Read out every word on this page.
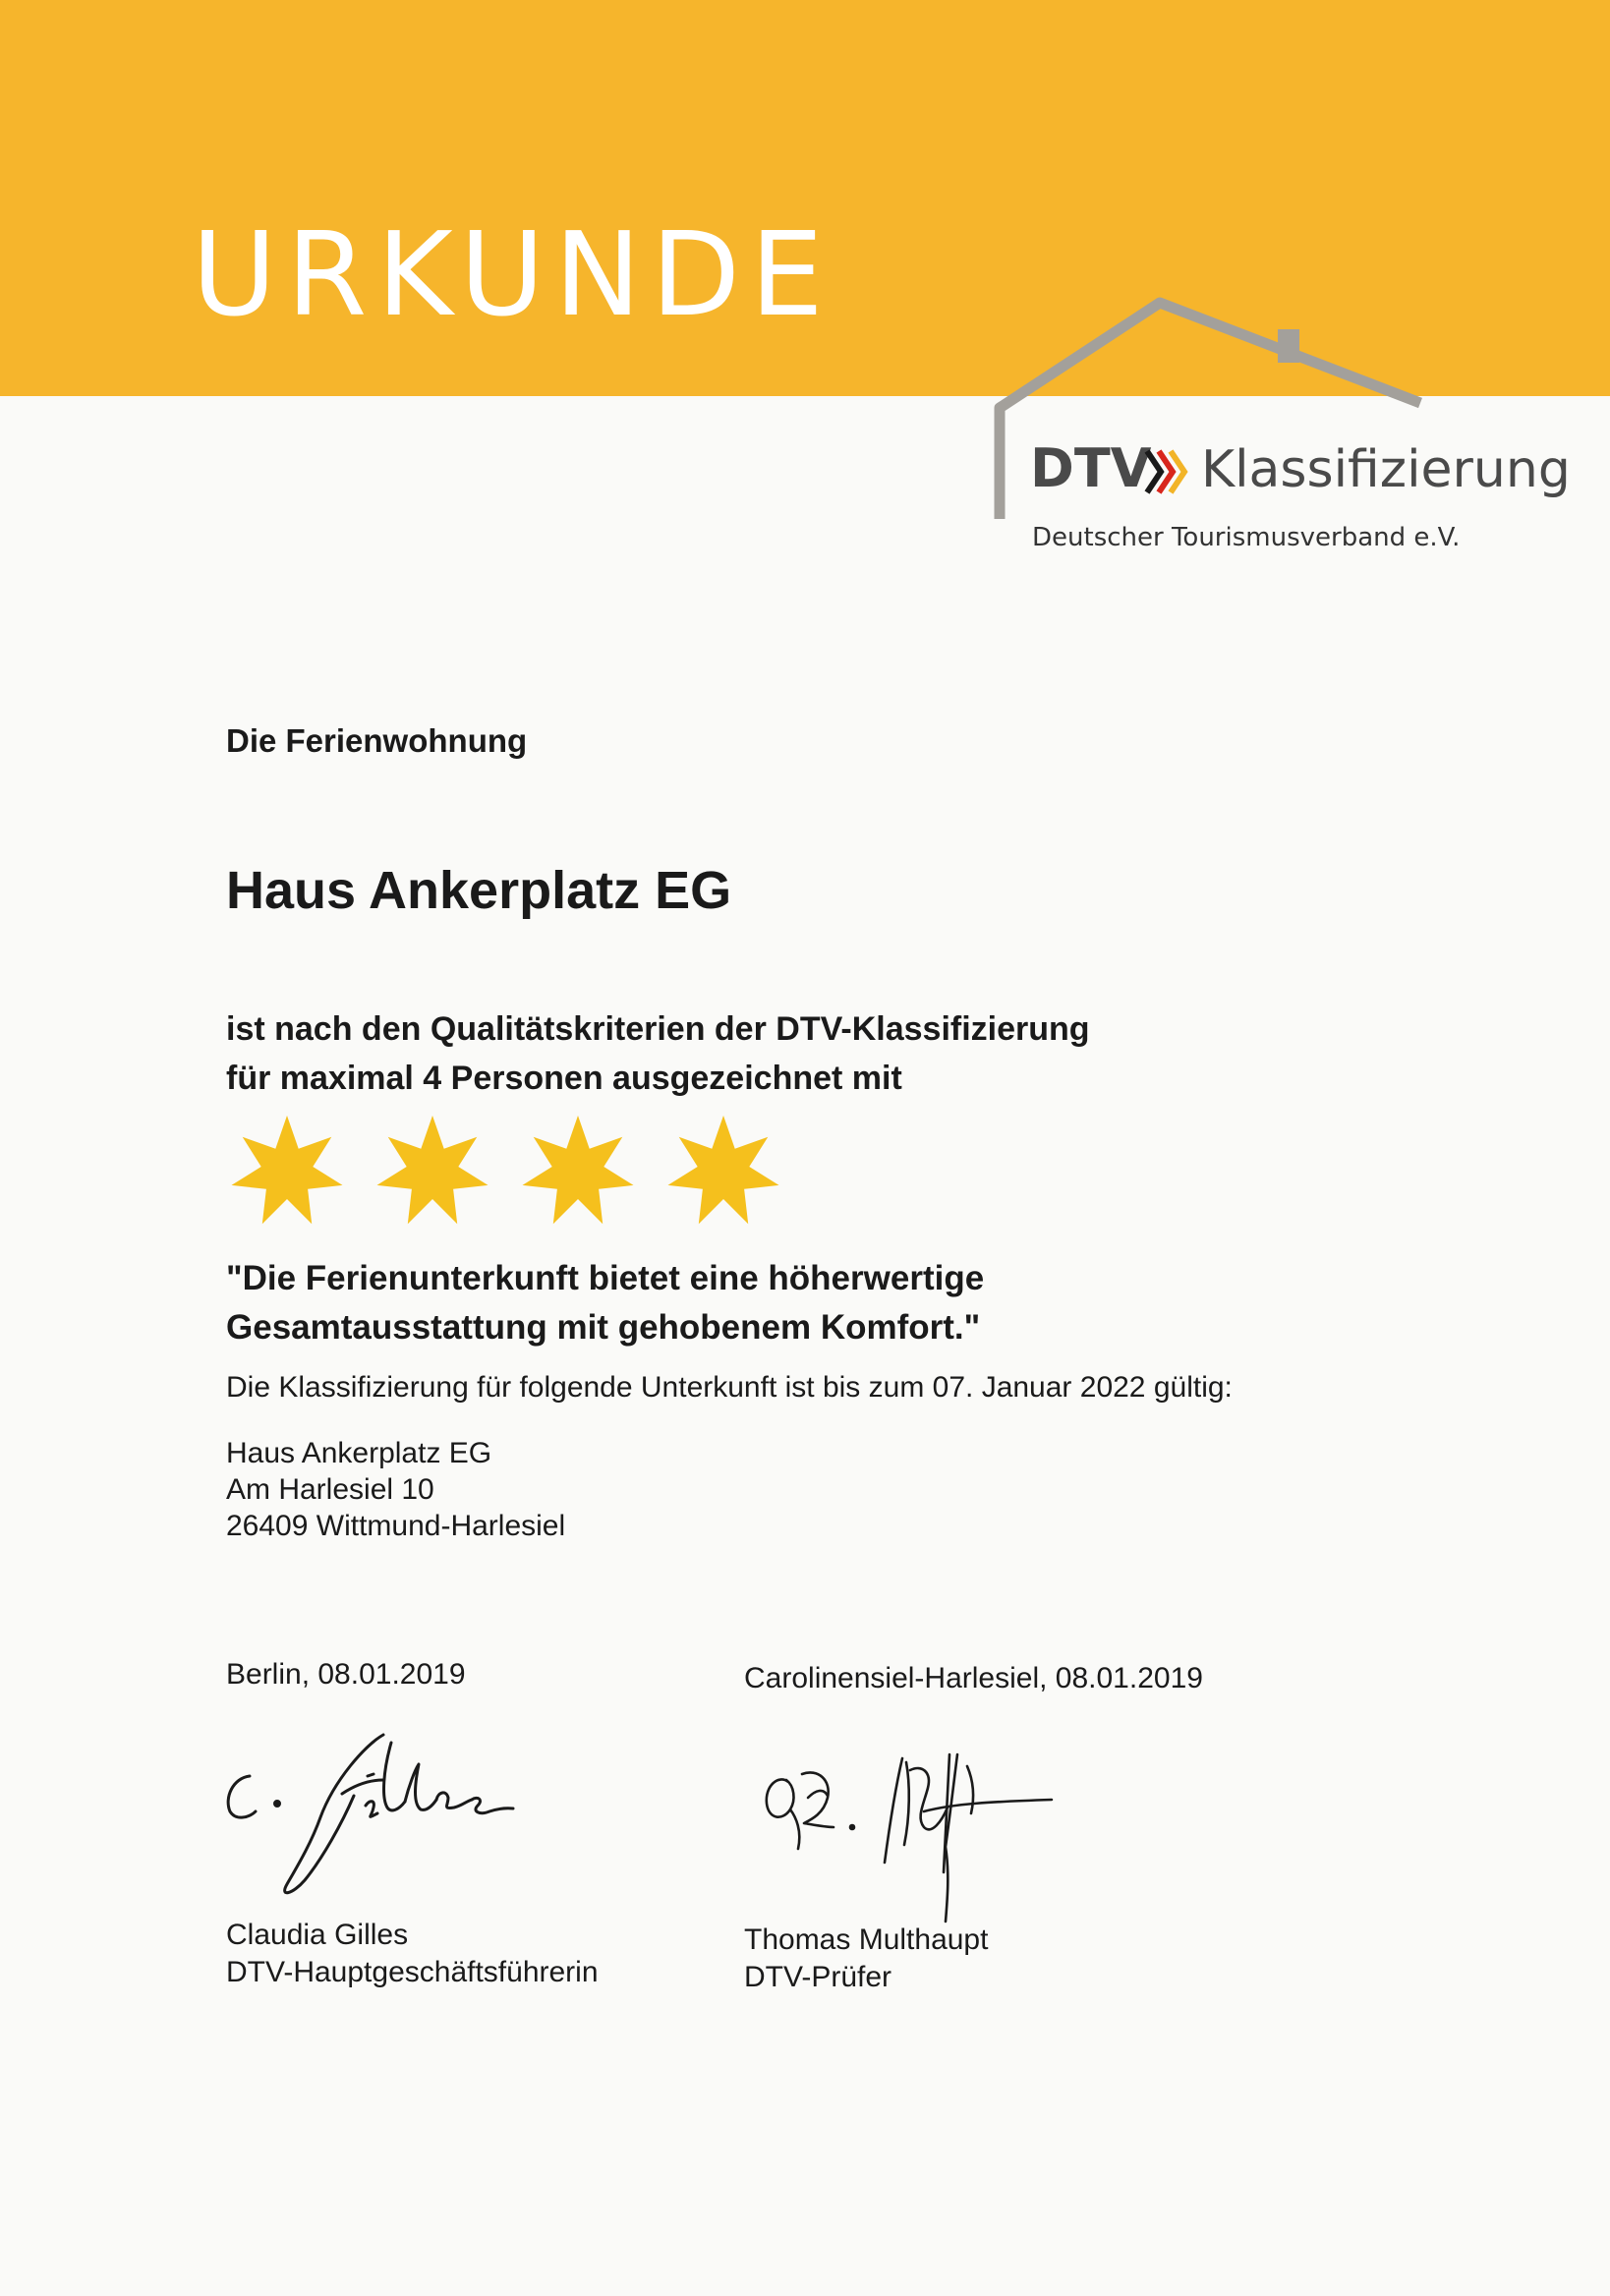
URKUNDE
DTV Klassifizierung
Deutscher Tourismusverband e.V.
Die Ferienwohnung
Haus Ankerplatz EG
ist nach den Qualitätskriterien der DTV-Klassifizierung
für maximal 4 Personen ausgezeichnet mit
"Die Ferienunterkunft bietet eine höherwertige
Gesamtausstattung mit gehobenem Komfort."
Die Klassifizierung für folgende Unterkunft ist bis zum 07. Januar 2022 gültig:
Haus Ankerplatz EG
Am Harlesiel 10
26409 Wittmund-Harlesiel
Berlin, 08.01.2019	Carolinensiel-Harlesiel, 08.01.2019
Claudia Gilles
DTV-Hauptgeschäftsführerin
Thomas Multhaupt
DTV-Prüfer
